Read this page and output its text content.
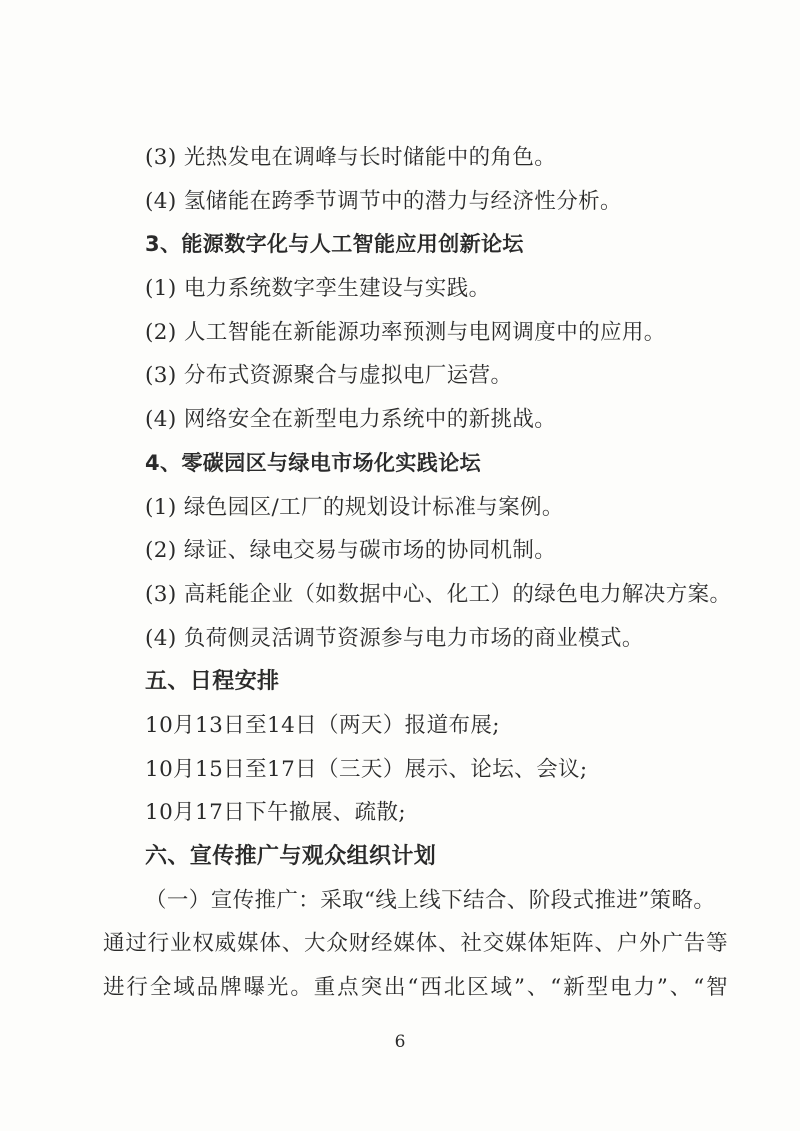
(3) 光热发电在调峰与长时储能中的角色。
(4) 氢储能在跨季节调节中的潜力与经济性分析。
3、能源数字化与人工智能应用创新论坛
(1) 电力系统数字孪生建设与实践。
(2) 人工智能在新能源功率预测与电网调度中的应用。
(3) 分布式资源聚合与虚拟电厂运营。
(4) 网络安全在新型电力系统中的新挑战。
4、零碳园区与绿电市场化实践论坛
(1) 绿色园区/工厂的规划设计标准与案例。
(2) 绿证、绿电交易与碳市场的协同机制。
(3) 高耗能企业（如数据中心、化工）的绿色电力解决方案。
(4) 负荷侧灵活调节资源参与电力市场的商业模式。
五、日程安排
10月13日至14日（两天）报道布展;
10月15日至17日（三天）展示、论坛、会议;
10月17日下午撤展、疏散;
六、宣传推广与观众组织计划
（一）宣传推广：采取“线上线下结合、阶段式推进”策略。
通过行业权威媒体、大众财经媒体、社交媒体矩阵、户外广告等
进行全域品牌曝光。重点突出“西北区域”、“新型电力”、“智
6
